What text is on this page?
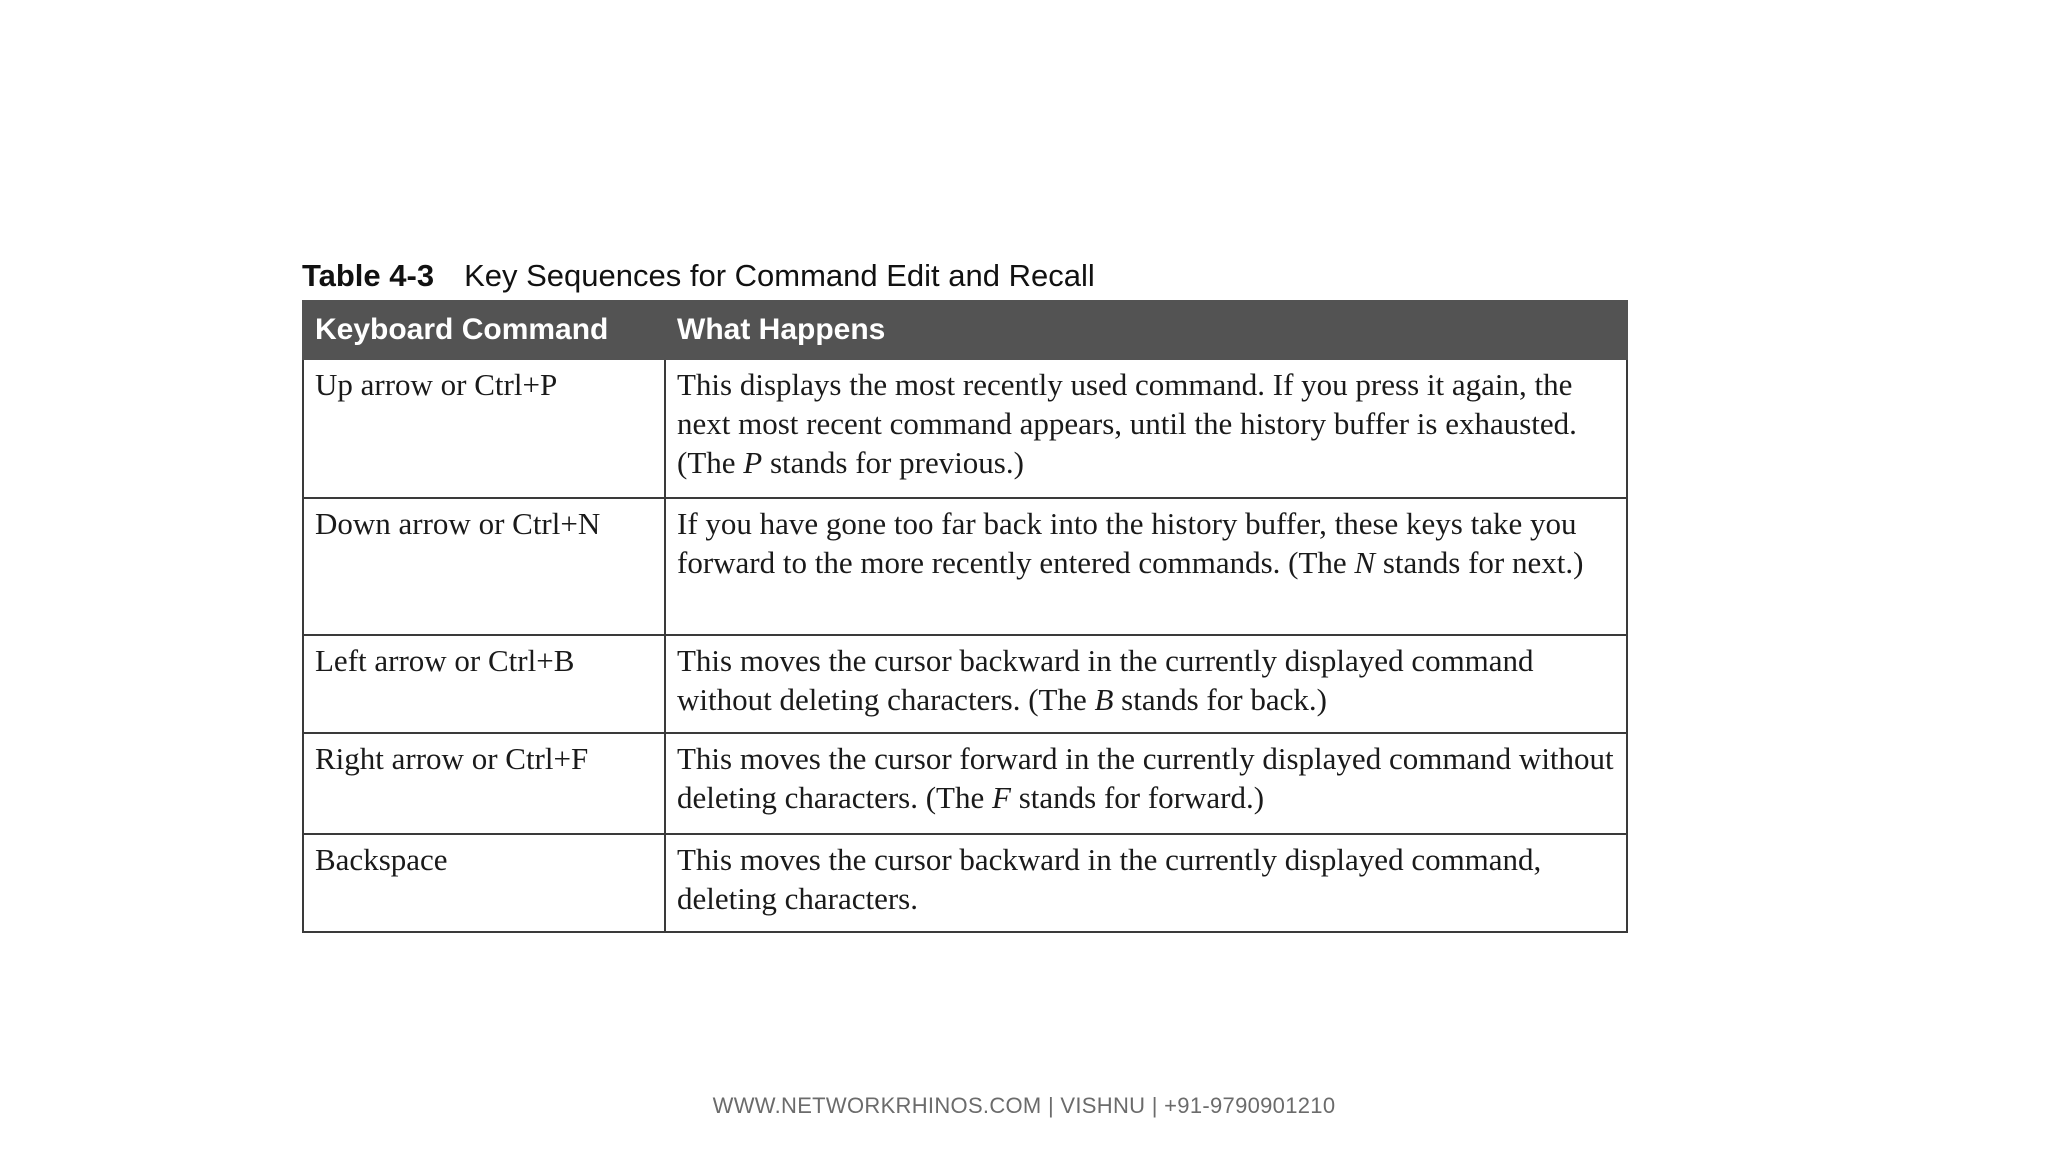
Table 4-3 Key Sequences for Command Edit and Recall
Keyboard Command	What Happens
Up arrow or Ctrl+P	This displays the most recently used command. If you press it again, the next most recent command appears, until the history buffer is exhausted. (The P stands for previous.)
Down arrow or Ctrl+N	If you have gone too far back into the history buffer, these keys take you forward to the more recently entered commands. (The N stands for next.)
Left arrow or Ctrl+B	This moves the cursor backward in the currently displayed command without deleting characters. (The B stands for back.)
Right arrow or Ctrl+F	This moves the cursor forward in the currently displayed command without deleting characters. (The F stands for forward.)
Backspace	This moves the cursor backward in the currently displayed command, deleting characters.
WWW.NETWORKRHINOS.COM | VISHNU | +91-9790901210
